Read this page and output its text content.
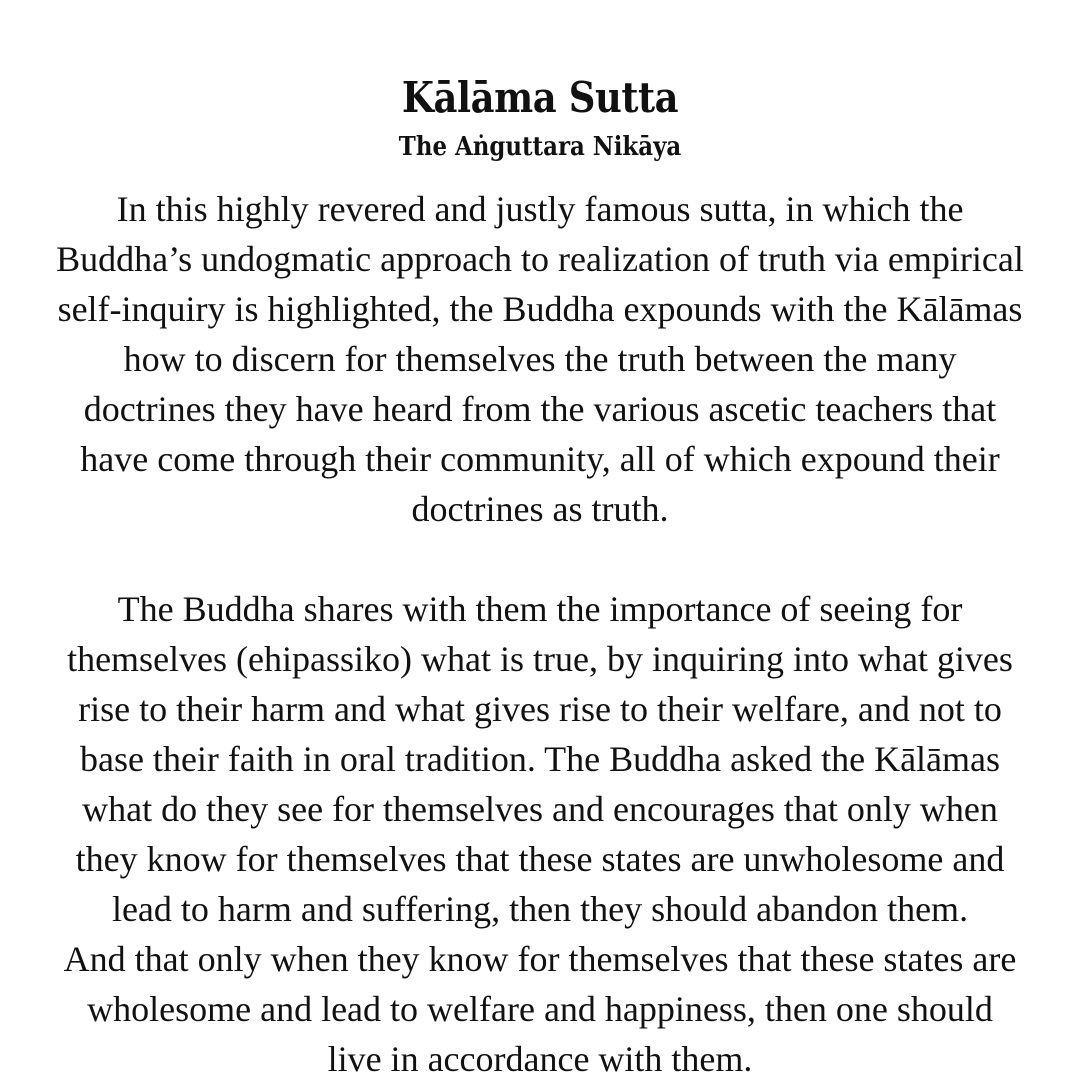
Kālāma Sutta
The Aṅguttara Nikāya

In this highly revered and justly famous sutta, in which the
Buddha’s undogmatic approach to realization of truth via empirical
self-inquiry is highlighted, the Buddha expounds with the Kālāmas
how to discern for themselves the truth between the many
doctrines they have heard from the various ascetic teachers that
have come through their community, all of which expound their
doctrines as truth.

The Buddha shares with them the importance of seeing for
themselves (ehipassiko) what is true, by inquiring into what gives
rise to their harm and what gives rise to their welfare, and not to
base their faith in oral tradition. The Buddha asked the Kālāmas
what do they see for themselves and encourages that only when
they know for themselves that these states are unwholesome and
lead to harm and suffering, then they should abandon them.
And that only when they know for themselves that these states are
wholesome and lead to welfare and happiness, then one should
live in accordance with them.
